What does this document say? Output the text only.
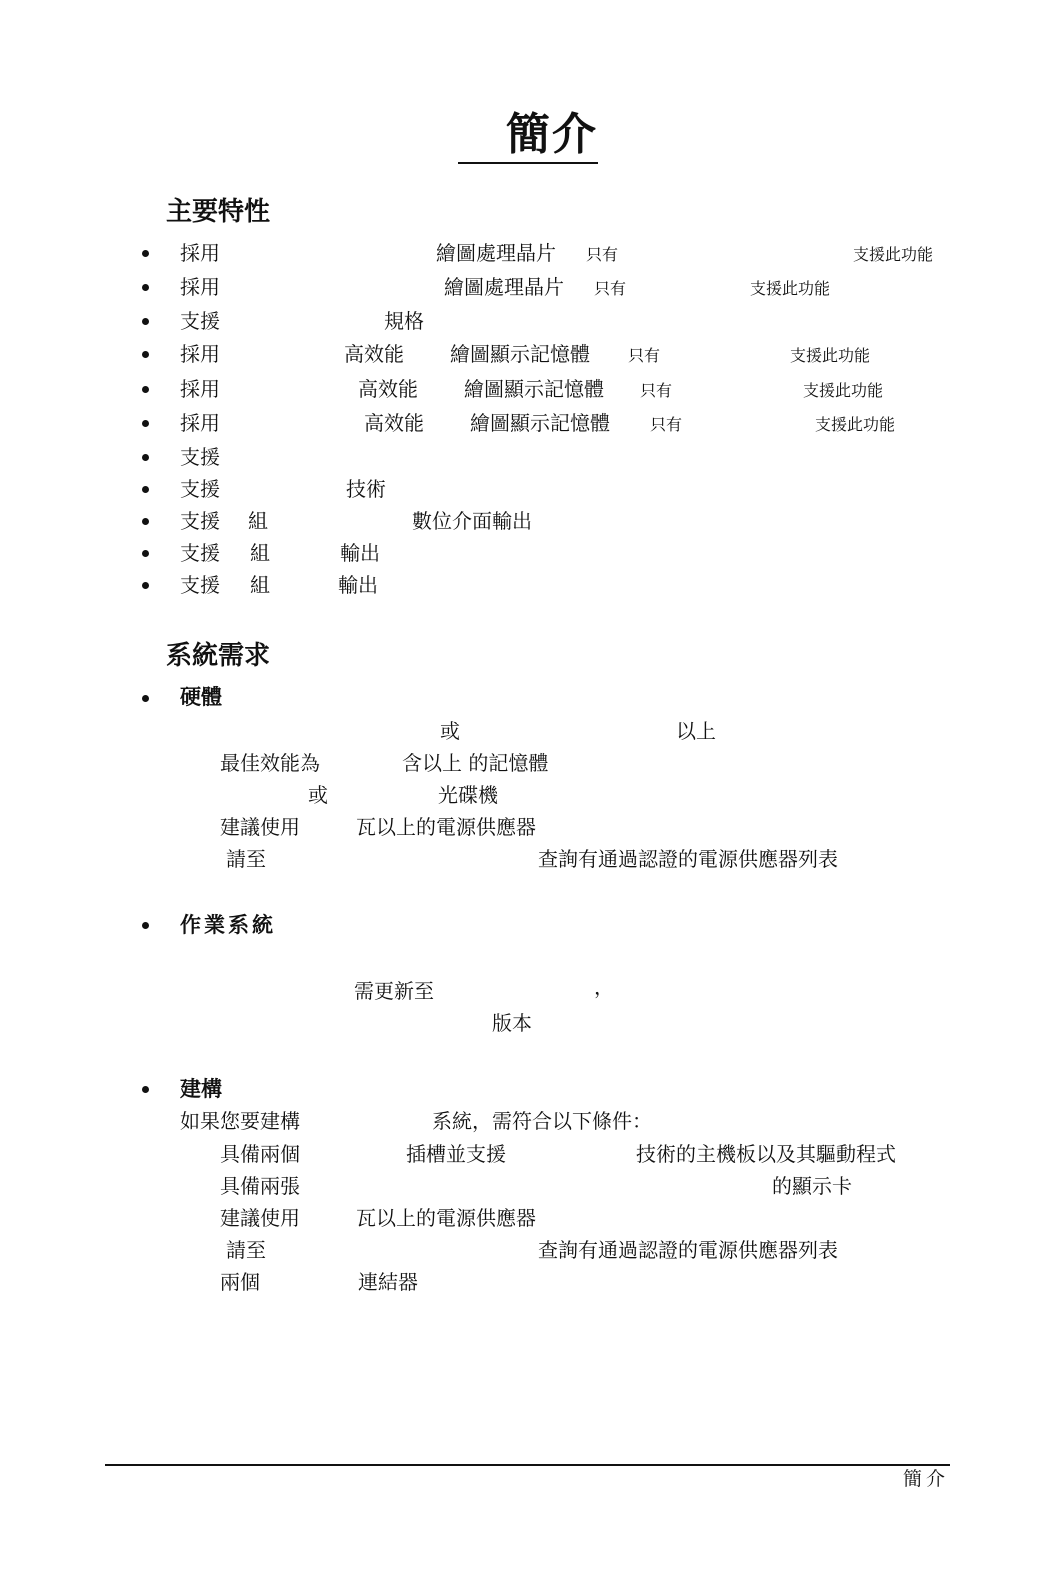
簡介
主要特性
採用	繪圖處理晶片 只有	支援此功能
採用	繪圖處理晶片 只有	支援此功能
支援	規格
採用	高效能 繪圖顯示記憶體 只有	支援此功能
採用	高效能 繪圖顯示記憶體 只有	支援此功能
採用	高效能 繪圖顯示記憶體	只有	支援此功能
支援
支援	技術
支援 組	數位介面輸出
支援 組	輸出
支援 組	輸出
系統需求
硬體
或	以上
最佳效能為	含以上 的記憶體
或	光碟機
建議使用	瓦以上的電源供應器
請至	查詢有通過認證的電源供應器列表
作業系統
需更新至	，
版本
建構
如果您要建構	系統，需符合以下條件：
具備兩個	插槽並支援	技術的主機板以及其驅動程式
具備兩張	的顯示卡
建議使用	瓦以上的電源供應器
請至	查詢有通過認證的電源供應器列表
兩個	連結器
簡介
